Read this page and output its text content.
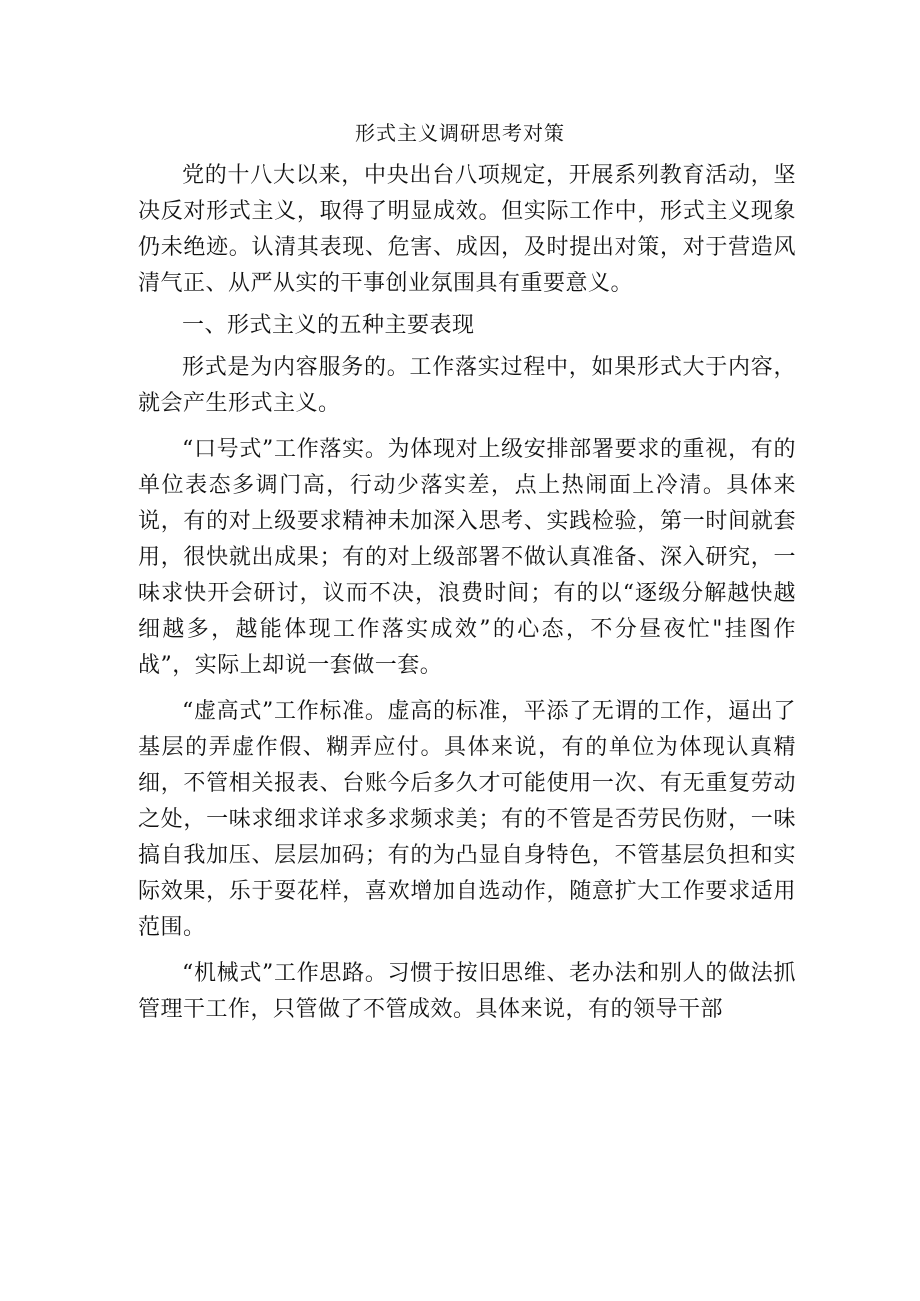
形式主义调研思考对策

党的十八大以来，中央出台八项规定，开展系列教育活动，坚决反对形式主义，取得了明显成效。但实际工作中，形式主义现象仍未绝迹。认清其表现、危害、成因，及时提出对策，对于营造风清气正、从严从实的干事创业氛围具有重要意义。

一、形式主义的五种主要表现

形式是为内容服务的。工作落实过程中，如果形式大于内容，就会产生形式主义。

“口号式”工作落实。为体现对上级安排部署要求的重视，有的单位表态多调门高，行动少落实差，点上热闹面上冷清。具体来说，有的对上级要求精神未加深入思考、实践检验，第一时间就套用，很快就出成果；有的对上级部署不做认真准备、深入研究，一味求快开会研讨，议而不决，浪费时间；有的以“逐级分解越快越细越多，越能体现工作落实成效”的心态，不分昼夜忙"挂图作战”，实际上却说一套做一套。

“虚高式”工作标准。虚高的标准，平添了无谓的工作，逼出了基层的弄虚作假、糊弄应付。具体来说，有的单位为体现认真精细，不管相关报表、台账今后多久才可能使用一次、有无重复劳动之处，一味求细求详求多求频求美；有的不管是否劳民伤财，一味搞自我加压、层层加码；有的为凸显自身特色，不管基层负担和实际效果，乐于耍花样，喜欢增加自选动作，随意扩大工作要求适用范围。

“机械式”工作思路。习惯于按旧思维、老办法和别人的做法抓管理干工作，只管做了不管成效。具体来说，有的领导干部
